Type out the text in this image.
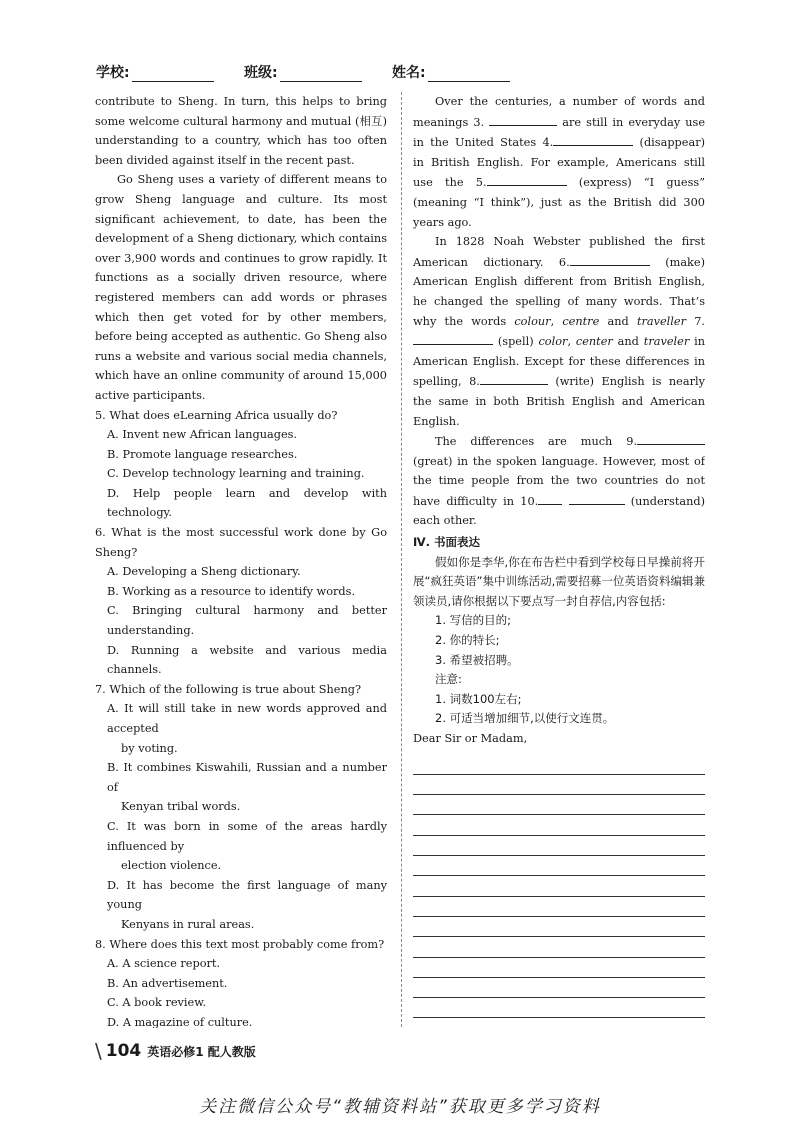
学校:	班级:	姓名:

contribute to Sheng. In turn, this helps to bring some welcome cultural harmony and mutual (相互) understanding to a country, which has too often been divided against itself in the recent past.

Go Sheng uses a variety of different means to grow Sheng language and culture. Its most significant achievement, to date, has been the development of a Sheng dictionary, which contains over 3,900 words and continues to grow rapidly. It functions as a socially driven resource, where registered members can add words or phrases which then get voted for by other members, before being accepted as authentic. Go Sheng also runs a website and various social media channels, which have an online community of around 15,000 active participants.

5. What does eLearning Africa usually do?

A. Invent new African languages.

B. Promote language researches.

C. Develop technology learning and training.

D. Help people learn and develop with technology.

6. What is the most successful work done by Go Sheng?

A. Developing a Sheng dictionary.

B. Working as a resource to identify words.

C. Bringing cultural harmony and better understanding.

D. Running a website and various media channels.

7. Which of the following is true about Sheng?

A. It will still take in new words approved and accepted
by voting.

B. It combines Kiswahili, Russian and a number of
Kenyan tribal words.

C. It was born in some of the areas hardly influenced by
election violence.

D. It has become the first language of many young
Kenyans in rural areas.

8. Where does this text most probably come from?

A. A science report.

B. An advertisement.

C. A book review.

D. A magazine of culture.

Over the centuries, a number of words and meanings 3.	are still in everyday use in the United States 4.	(disappear) in British English. For example, Americans still use the 5.	(express) “I guess” (meaning “I think”), just as the British did 300 years ago.

In 1828 Noah Webster published the first American dictionary. 6.	(make) American English different from British English, he changed the spelling of many words. That’s why the words colour, centre and traveller 7. (spell) color, center and traveler in American English. Except for these differences in spelling, 8.	(write) English is nearly the same in both British English and American English.

The differences are much 9. (great) in the spoken language. However, most of the time people from the two countries do not have difficulty in 10.	(understand) each other.

Ⅳ. 书面表达

假如你是李华,你在布告栏中看到学校每日早操前将开展“疯狂英语”集中训练活动,需要招募一位英语资料编辑兼领读员,请你根据以下要点写一封自荐信,内容包括:

1. 写信的目的;

2. 你的特长;

3. 希望被招聘。

注意:

1. 词数100左右;

2. 可适当增加细节,以使行文连贯。

Dear Sir or Madam,

\ 104 英语必修1 配人教版
关注微信公众号“教辅资料站”获取更多学习资料
